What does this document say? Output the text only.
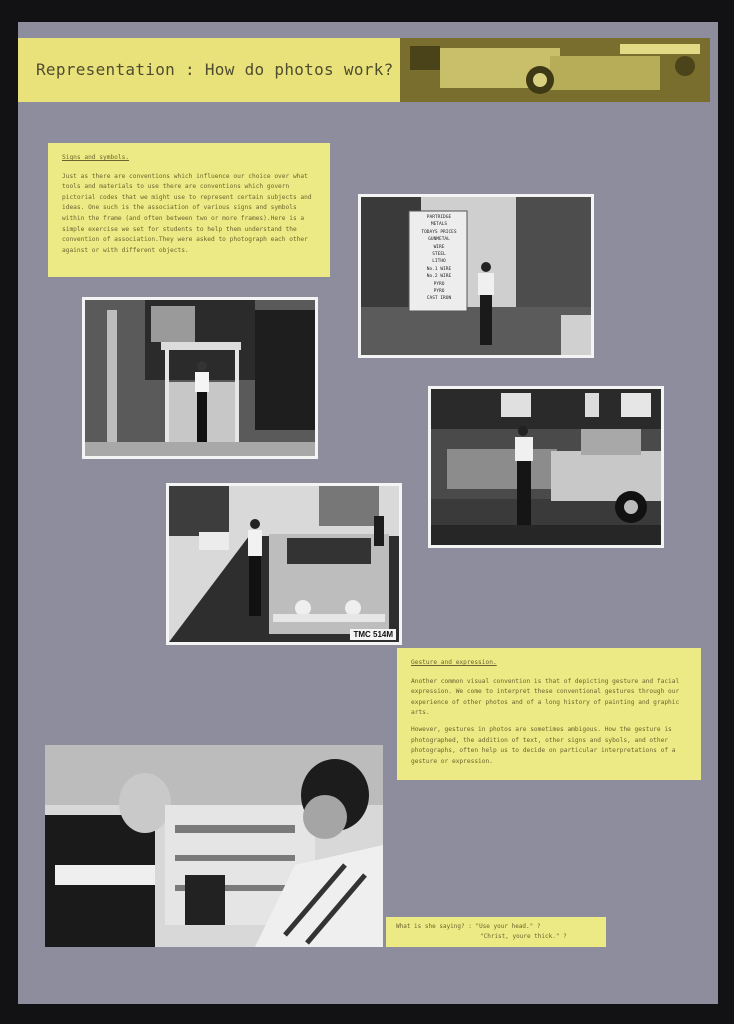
Representation : How do photos work?
Signs and symbols.
Just as there are conventions which influence our choice over what tools and materials to use there are conventions which govern pictorial codes that we might use to represent certain subjects and ideas. One such is the association of various signs and symbols within the frame (and often between two or more frames).Here is a simple exercise we set for students to help them understand the convention of association.They were asked to photograph each other against or with different objects.
PARTRIDGE
METALS
TODAYS PRICES
GUNMETAL
WIRE
STEEL
LITHO
No.1 WIRE
No.2 WIRE
PYRO
PYRO
CAST IRON
TMC 514M
Gesture and expression.

Another common visual convention is that of depicting gesture and facial expression. We come to interpret these conventional gestures through our experience of other photos and of a long history of painting and graphic arts.

However, gestures in photos are sometimes ambigous. How the gesture is photographed, the addition of text, other signs and sybols, and other photographs, often help us to decide on particular interpretations of a gesture or expression.

What is she saying? : "Use your head." ?
"Christ, youre thick." ?
